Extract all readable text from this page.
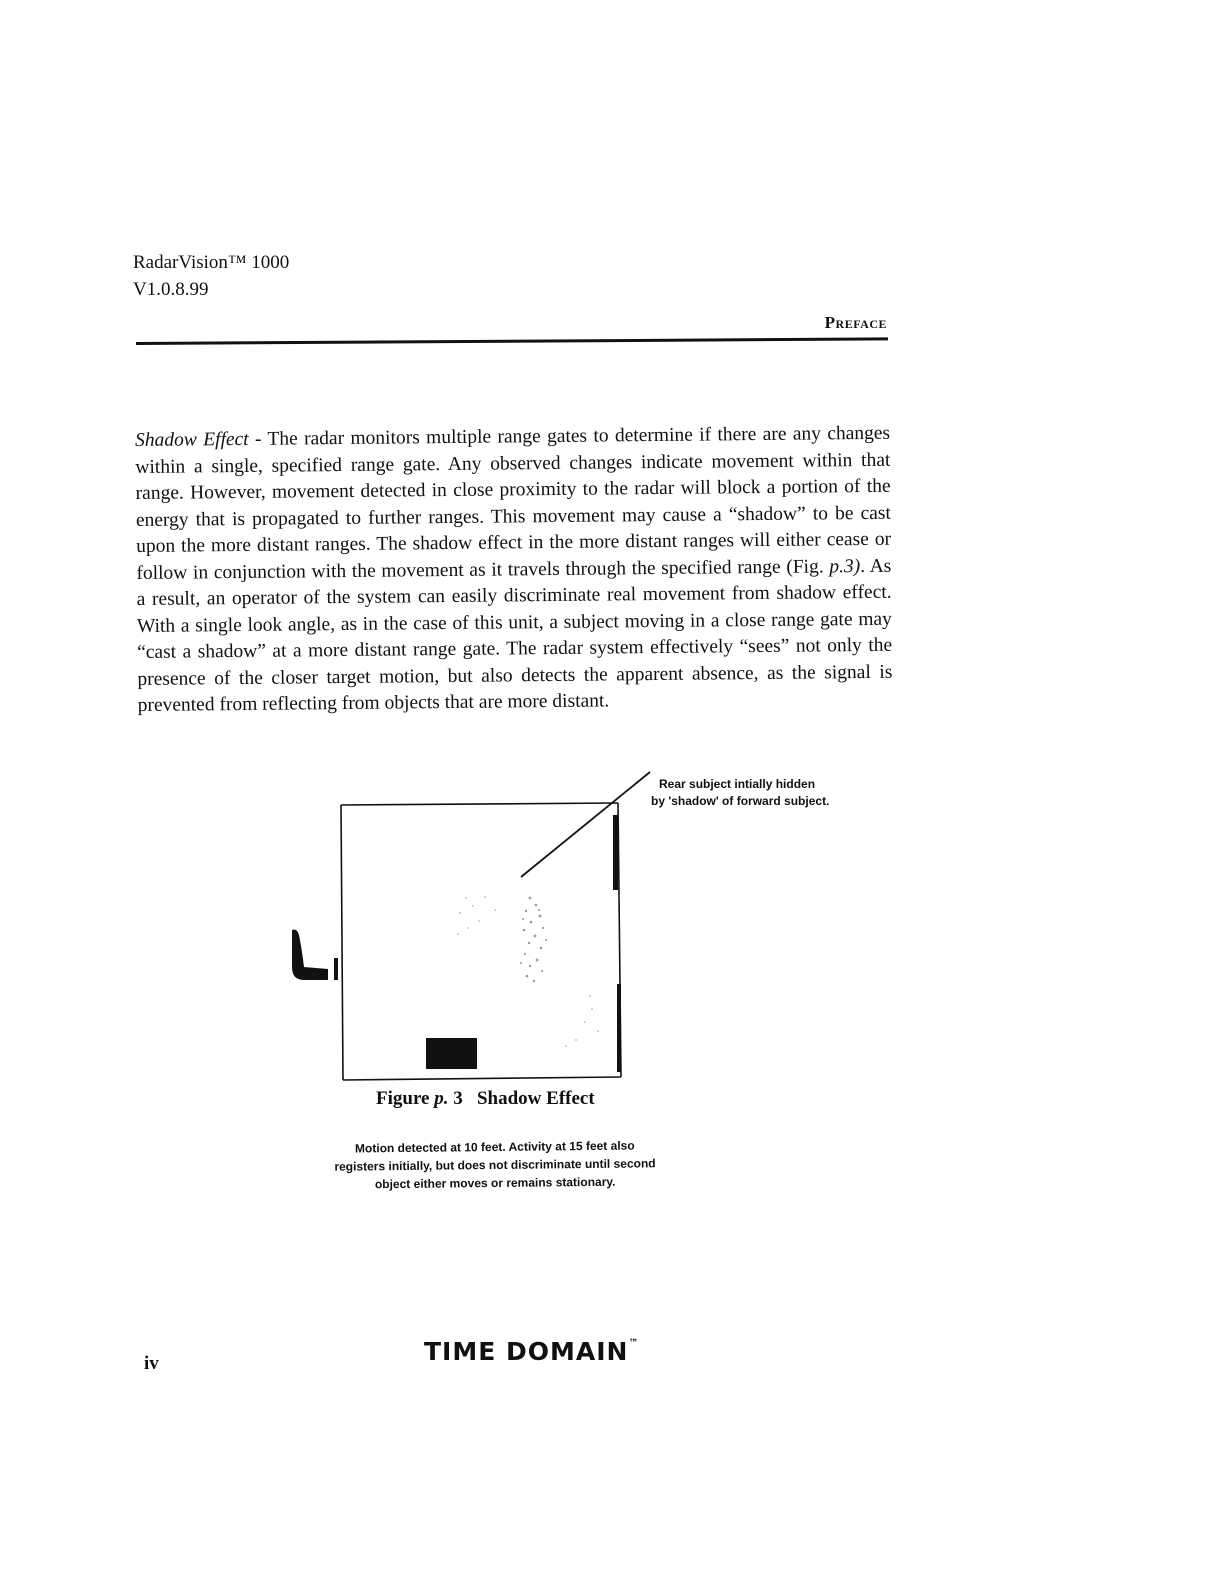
RadarVision™ 1000
V1.0.8.99
Preface

Shadow Effect - The radar monitors multiple range gates to determine if there are any changes within a single, specified range gate. Any observed changes indicate movement within that range. However, movement detected in close proximity to the radar will block a portion of the energy that is propagated to further ranges. This movement may cause a “shadow” to be cast upon the more distant ranges. The shadow effect in the more distant ranges will either cease or follow in conjunction with the movement as it travels through the specified range (Fig. p.3). As a result, an operator of the system can easily discriminate real movement from shadow effect. With a single look angle, as in the case of this unit, a subject moving in a close range gate may “cast a shadow” at a more distant range gate. The radar system effectively “sees” not only the presence of the closer target motion, but also detects the apparent absence, as the signal is prevented from reflecting from objects that are more distant.

Rear subject intially hidden
by 'shadow' of forward subject.
Figure p. 3 Shadow Effect
Motion detected at 10 feet. Activity at 15 feet also
registers initially, but does not discriminate until second
object either moves or remains stationary.
iv	TIME DOMAIN™
